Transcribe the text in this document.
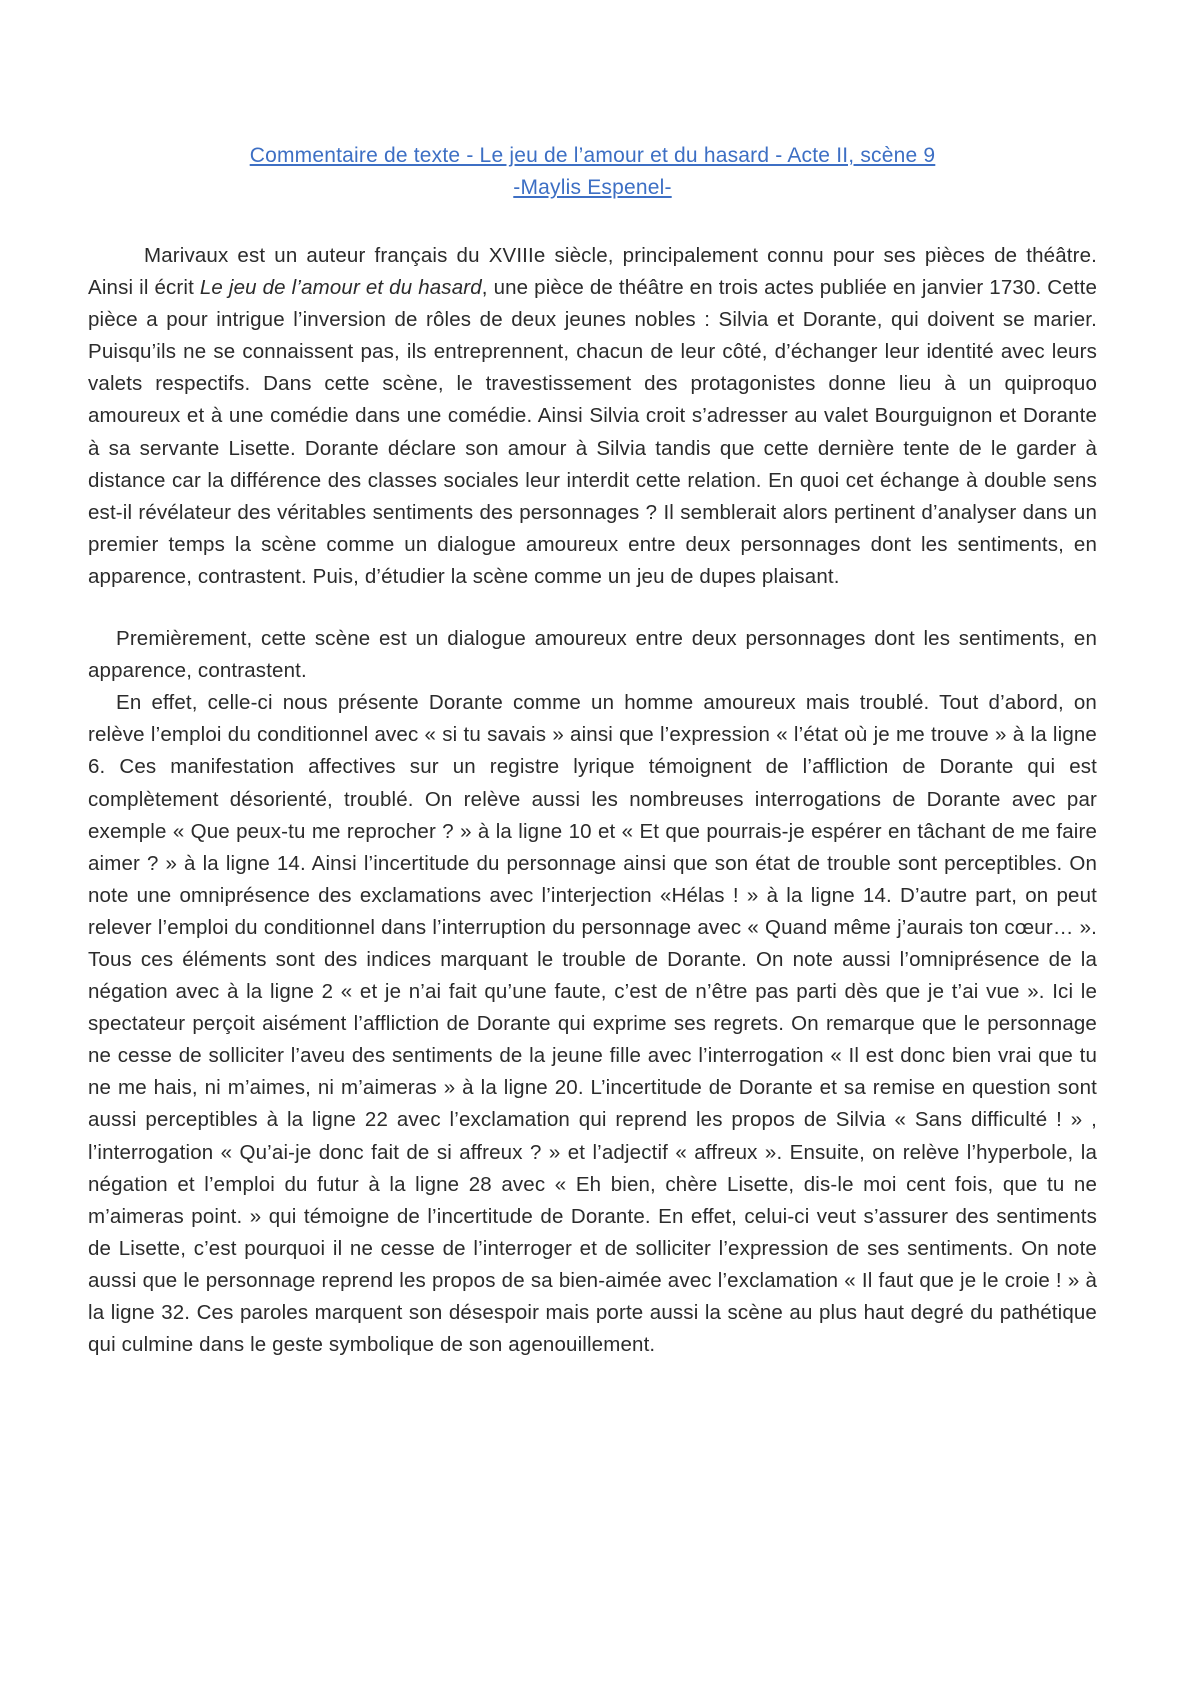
Commentaire de texte - Le jeu de l’amour et du hasard - Acte II, scène 9
-Maylis Espenel-

Marivaux est un auteur français du XVIIIe siècle, principalement connu pour ses pièces de théâtre. Ainsi il écrit Le jeu de l’amour et du hasard, une pièce de théâtre en trois actes publiée en janvier 1730. Cette pièce a pour intrigue l’inversion de rôles de deux jeunes nobles : Silvia et Dorante, qui doivent se marier. Puisqu’ils ne se connaissent pas, ils entreprennent, chacun de leur côté, d’échanger leur identité avec leurs valets respectifs. Dans cette scène, le travestissement des protagonistes donne lieu à un quiproquo amoureux et à une comédie dans une comédie. Ainsi Silvia croit s’adresser au valet Bourguignon et Dorante à sa servante Lisette. Dorante déclare son amour à Silvia tandis que cette dernière tente de le garder à distance car la différence des classes sociales leur interdit cette relation. En quoi cet échange à double sens est-il révélateur des véritables sentiments des personnages ? Il semblerait alors pertinent d’analyser dans un premier temps la scène comme un dialogue amoureux entre deux personnages dont les sentiments, en apparence, contrastent. Puis, d’étudier la scène comme un jeu de dupes plaisant.

Premièrement, cette scène est un dialogue amoureux entre deux personnages dont les sentiments, en apparence, contrastent.

En effet, celle-ci nous présente Dorante comme un homme amoureux mais troublé. Tout d’abord, on relève l’emploi du conditionnel avec « si tu savais » ainsi que l’expression « l’état où je me trouve » à la ligne 6. Ces manifestation affectives sur un registre lyrique témoignent de l’affliction de Dorante qui est complètement désorienté, troublé. On relève aussi les nombreuses interrogations de Dorante avec par exemple « Que peux-tu me reprocher ? » à la ligne 10 et « Et que pourrais-je espérer en tâchant de me faire aimer ? » à la ligne 14. Ainsi l’incertitude du personnage ainsi que son état de trouble sont perceptibles. On note une omniprésence des exclamations avec l’interjection «Hélas ! » à la ligne 14. D’autre part, on peut relever l’emploi du conditionnel dans l’interruption du personnage avec « Quand même j’aurais ton cœur… ». Tous ces éléments sont des indices marquant le trouble de Dorante. On note aussi l’omniprésence de la négation avec à la ligne 2 « et je n’ai fait qu’une faute, c’est de n’être pas parti dès que je t’ai vue ». Ici le spectateur perçoit aisément l’affliction de Dorante qui exprime ses regrets. On remarque que le personnage ne cesse de solliciter l’aveu des sentiments de la jeune fille avec l’interrogation « Il est donc bien vrai que tu ne me hais, ni m’aimes, ni m’aimeras » à la ligne 20. L’incertitude de Dorante et sa remise en question sont aussi perceptibles à la ligne 22 avec l’exclamation qui reprend les propos de Silvia « Sans difficulté ! » , l’interrogation « Qu’ai-je donc fait de si affreux ? » et l’adjectif « affreux ». Ensuite, on relève l’hyperbole, la négation et l’emploi du futur à la ligne 28 avec « Eh bien, chère Lisette, dis-le moi cent fois, que tu ne m’aimeras point. » qui témoigne de l’incertitude de Dorante. En effet, celui-ci veut s’assurer des sentiments de Lisette, c’est pourquoi il ne cesse de l’interroger et de solliciter l’expression de ses sentiments. On note aussi que le personnage reprend les propos de sa bien-aimée avec l’exclamation « Il faut que je le croie ! » à la ligne 32. Ces paroles marquent son désespoir mais porte aussi la scène au plus haut degré du pathétique qui culmine dans le geste symbolique de son agenouillement.
